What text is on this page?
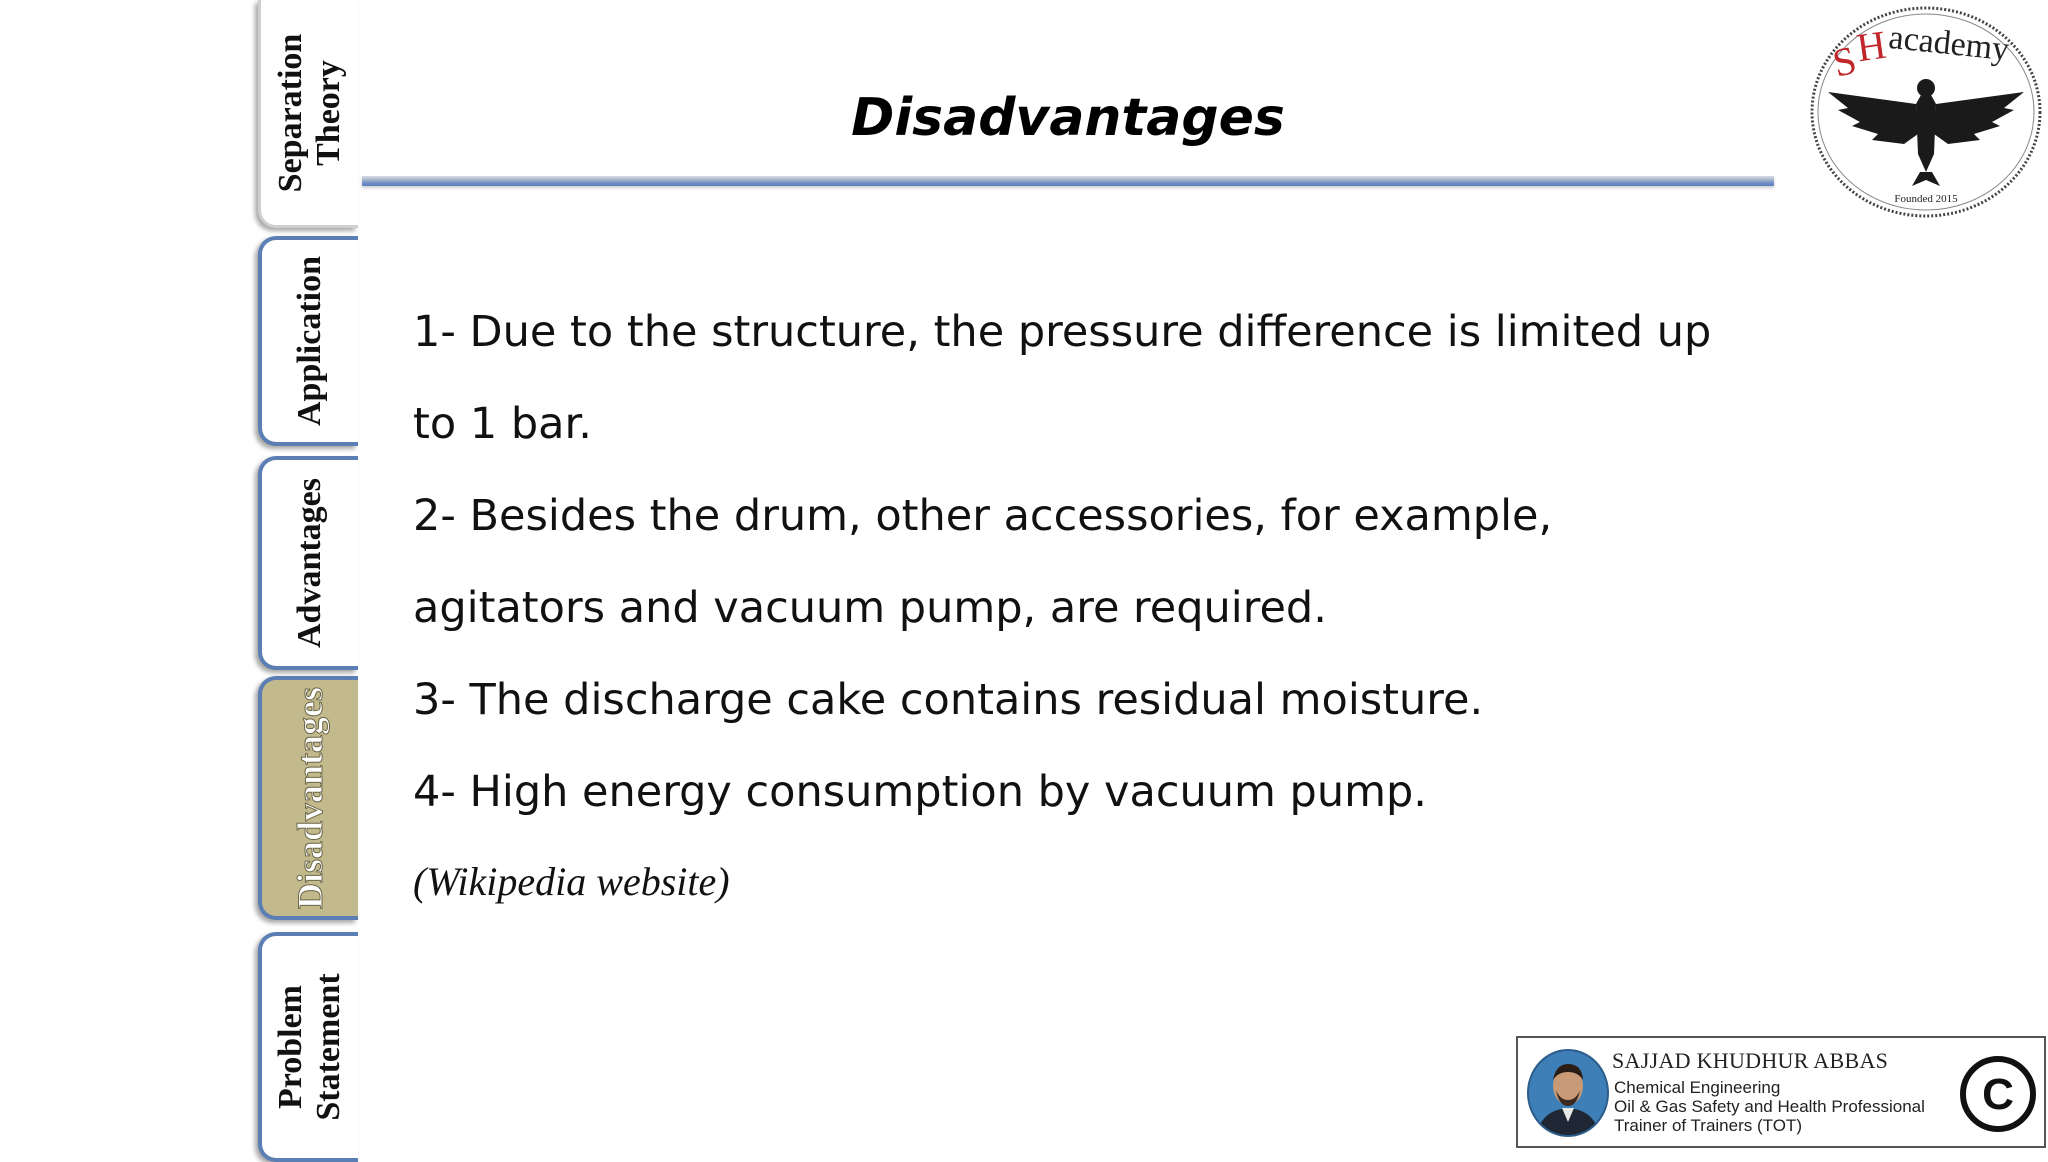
Separation
Theory
Application
Advantages
Disadvantages
Problem
Statement
Disadvantages
S
H
academy
Founded 2015

1- Due to the structure, the pressure difference is limited up to 1 bar.

2- Besides the drum, other accessories, for example, agitators and vacuum pump, are required.

3- The discharge cake contains residual moisture.

4- High energy consumption by vacuum pump.

(Wikipedia website)
SAJJAD KHUDHUR ABBAS
Chemical Engineering
Oil & Gas Safety and Health Professional
Trainer of Trainers (TOT)
C
